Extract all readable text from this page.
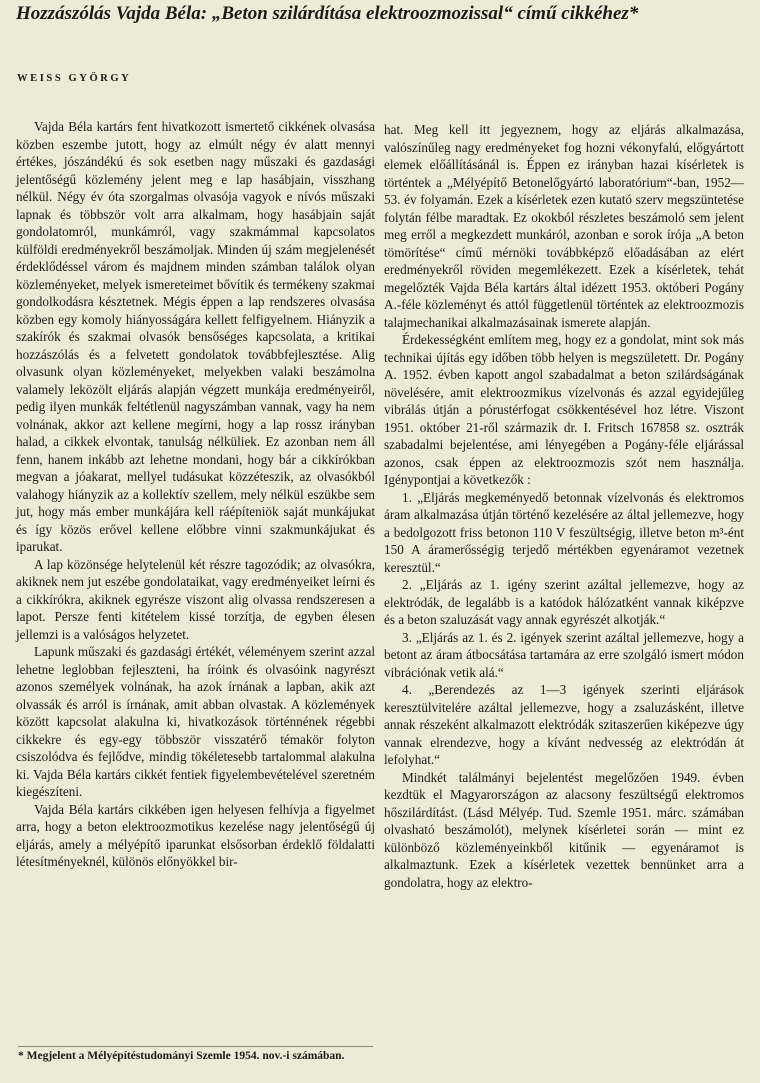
Hozzászólás Vajda Béla: „Beton szilárdítása elektroozmozissal“ című cikkéhez*
WEISS GYÖRGY

Vajda Béla kartárs fent hivatkozott ismertető cikkének olvasása közben eszembe jutott, hogy az elmúlt négy év alatt mennyi értékes, jószándékú és sok esetben nagy műszaki és gazdasági jelentőségű közlemény jelent meg e lap hasábjain, visszhang nélkül. Négy év óta szorgalmas olvasója vagyok e nívós műszaki lapnak és többször volt arra alkalmam, hogy hasábjain saját gondolatomról, munkámról, vagy szakmámmal kapcsolatos külföldi eredményekről beszámoljak. Minden új szám megjelenését érdeklődéssel várom és majdnem minden számban találok olyan közleményeket, melyek ismereteimet bővítik és termékeny szakmai gondolkodásra késztetnek. Mégis éppen a lap rendszeres olvasása közben egy komoly hiányosságára kellett felfigyelnem. Hiányzik a szakírók és szakmai olvasók bensőséges kapcsolata, a kritikai hozzászólás és a felvetett gondolatok továbbfejlesztése. Alig olvasunk olyan közleményeket, melyekben valaki beszámolna valamely leközölt eljárás alapján végzett munkája eredményeiről, pedig ilyen munkák feltétlenül nagyszámban vannak, vagy ha nem volnának, akkor azt kellene megírni, hogy a lap rossz irányban halad, a cikkek elvontak, tanulság nélküliek. Ez azonban nem áll fenn, hanem inkább azt lehetne mondani, hogy bár a cikkírókban megvan a jóakarat, mellyel tudásukat közzéteszik, az olvasókból valahogy hiányzik az a kollektív szellem, mely nélkül eszükbe sem jut, hogy más ember munkájára kell ráépíteniök saját munkájukat és így közös erővel kellene előbbre vinni szakmunkájukat és iparukat.

A lap közönsége helytelenül két részre tagozódik; az olvasókra, akiknek nem jut eszébe gondolataikat, vagy eredményeiket leírni és a cikkírókra, akiknek egyrésze viszont alig olvassa rendszeresen a lapot. Persze fenti kitételem kissé torzítja, de egyben élesen jellemzi is a valóságos helyzetet.

Lapunk műszaki és gazdasági értékét, véleményem szerint azzal lehetne leglobban fejleszteni, ha íróink és olvasóink nagyrészt azonos személyek volnának, ha azok írnának a lapban, akik azt olvassák és arról is írnának, amit abban olvastak. A közlemények között kapcsolat alakulna ki, hivatkozások történnének régebbi cikkekre és egy-egy többször visszatérő témakör folyton csiszolódva és fejlődve, mindig tökéletesebb tartalommal alakulna ki. Vajda Béla kartárs cikkét fentiek figyelembevételével szeretném kiegészíteni.

Vajda Béla kartárs cikkében igen helyesen felhívja a figyelmet arra, hogy a beton elektroozmotikus kezelése nagy jelentőségű új eljárás, amely a mélyépítő iparunkat elsősorban érdeklő földalatti létesítményeknél, különös előnyökkel bir-

hat. Meg kell itt jegyeznem, hogy az eljárás alkalmazása, valószínűleg nagy eredményeket fog hozni vékonyfalú, előgyártott elemek előállításánál is. Éppen ez irányban hazai kísérletek is történtek a „Mélyépítő Betonelőgyártó laboratórium“-ban, 1952—53. év folyamán. Ezek a kísérletek ezen kutató szerv megszüntetése folytán félbe maradtak. Ez okokból részletes beszámoló sem jelent meg erről a megkezdett munkáról, azonban e sorok írója „A beton tömörítése“ című mérnöki továbbképző előadásában az elért eredményekről röviden megemlékezett. Ezek a kísérletek, tehát megelőzték Vajda Béla kartárs által idézett 1953. októberi Pogány A.-féle közleményt és attól függetlenül történtek az elektroozmozis talajmechanikai alkalmazásainak ismerete alapján.

Érdekességként említem meg, hogy ez a gondolat, mint sok más technikai újítás egy időben több helyen is megszületett. Dr. Pogány A. 1952. évben kapott angol szabadalmat a beton szilárdságának növelésére, amit elektroozmikus vízelvonás és azzal egyidejűleg vibrálás útján a pórustérfogat csökkentésével hoz létre. Viszont 1951. október 21-ről származik dr. I. Fritsch 167858 sz. osztrák szabadalmi bejelentése, ami lényegében a Pogány-féle eljárással azonos, csak éppen az elektroozmozis szót nem használja. Igénypontjai a következők :

1. „Eljárás megkeményedő betonnak vízelvonás és elektromos áram alkalmazása útján történő kezelésére az által jellemezve, hogy a bedolgozott friss betonon 110 V feszültségig, illetve beton m³-ént 150 A áramerősségig terjedő mértékben egyenáramot vezetnek keresztül.“

2. „Eljárás az 1. igény szerint azáltal jellemezve, hogy az elektródák, de legalább is a katódok hálózatként vannak kiképzve és a beton szaluzását vagy annak egyrészét alkotják.“

3. „Eljárás az 1. és 2. igények szerint azáltal jellemezve, hogy a betont az áram átbocsátása tartamára az erre szolgáló ismert módon vibrációnak vetik alá.“

4. „Berendezés az 1—3 igények szerinti eljárások keresztülvitelére azáltal jellemezve, hogy a zsaluzásként, illetve annak részeként alkalmazott elektródák szitaszerűen kiképezve úgy vannak elrendezve, hogy a kívánt nedvesség az elektródán át lefolyhat.“

Mindkét találmányi bejelentést megelőzően 1949. évben kezdtük el Magyarországon az alacsony feszültségű elektromos hőszilárdítást. (Lásd Mélyép. Tud. Szemle 1951. márc. számában olvasható beszámolót), melynek kísérletei során — mint ez különböző közleményeinkből kitűnik — egyenáramot is alkalmaztunk. Ezek a kísérletek vezettek bennünket arra a gondolatra, hogy az elektro-

* Megjelent a Mélyépítéstudományi Szemle 1954. nov.-i számában.
